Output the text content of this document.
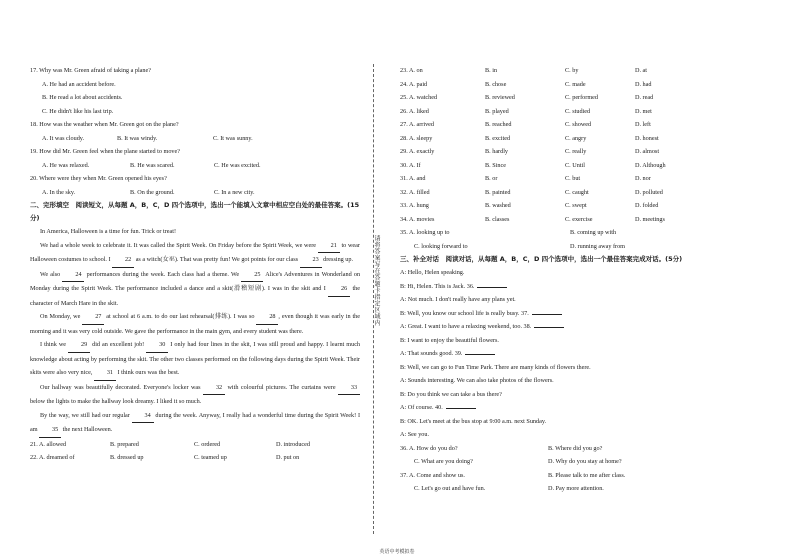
17. Why was Mr. Green afraid of taking a plane?

A. He had an accident before.

B. He read a lot about accidents.

C. He didn't like his last trip.

18. How was the weather when Mr. Green got on the plane?

A. It was cloudy.	B. It was windy.	C. It was sunny.

19. How did Mr. Green feel when the plane started to move?

A. He was relaxed.	B. He was scared.	C. He was excited.

20. Where were they when Mr. Green opened his eyes?

A. In the sky.	B. On the ground.	C. In a new city.

二、完形填空　阅读短文，从每题 A，B，C，D 四个选项中，选出一个能填入文章中相应空白处的最佳答案。(15分)

In America, Halloween is a time for fun. Trick or treat!

We had a whole week to celebrate it. It was called the Spirit Week. On Friday before the Spirit Week, we were 21 to wear Halloween costumes to school. I 22 as a witch(女巫). That was pretty fun! We got points for our class 23 dressing up.

We also 24 performances during the week. Each class had a theme. We 25 Alice's Adventures in Wonderland on Monday during the Spirit Week. The performance included a dance and a skit(滑稽短剧). I was in the skit and I 26 the character of March Hare in the skit.

On Monday, we 27 at school at 6 a.m. to do our last rehearsal(排练). I was so 28 , even though it was early in the morning and it was very cold outside. We gave the performance in the main gym, and every student was there.

I think we 29 did an excellent job! 30 I only had four lines in the skit, I was still proud and happy. I learnt much knowledge about acting by performing the skit. The other two classes performed on the following days during the Spirit Week. Their skits were also very nice, 31 I think ours was the best.

Our hallway was beautifully decorated. Everyone's locker was 32 with colourful pictures. The curtains were 33 below the lights to make the hallway look dreamy. I liked it so much.

By the way, we still had our regular 34 during the week. Anyway, I really had a wonderful time during the Spirit Week! I am 35 the next Halloween.

21. A. allowed	B. prepared	C. ordered	D. introduced
22. A. dreamed of	B. dressed up	C. teamed up	D. put on
请将答案写在答题卡指定区域内
23. A. on	B. in	C. by	D. at
24. A. paid	B. chose	C. made	D. had
25. A. watched	B. reviewed	C. performed	D. read
26. A. liked	B. played	C. studied	D. met
27. A. arrived	B. reached	C. showed	D. left
28. A. sleepy	B. excited	C. angry	D. honest
29. A. exactly	B. hardly	C. really	D. almost
30. A. If	B. Since	C. Until	D. Although
31. A. and	B. or	C. but	D. nor
32. A. filled	B. painted	C. caught	D. polluted
33. A. hung	B. washed	C. swept	D. folded
34. A. movies	B. classes	C. exercise	D. meetings
35. A. looking up to	B. coming up with
C. looking forward to	D. running away from

三、补全对话　阅读对话，从每题 A，B，C，D 四个选项中，选出一个最佳答案完成对话。(5分)

A: Hello, Helen speaking.

B: Hi, Helen. This is Jack. 36.

A: Not much. I don't really have any plans yet.

B: Well, you know our school life is really busy. 37.

A: Great. I want to have a relaxing weekend, too. 38.

B: I want to enjoy the beautiful flowers.

A: That sounds good. 39.

B: Well, we can go to Fun Time Park. There are many kinds of flowers there.

A: Sounds interesting. We can also take photos of the flowers.

B: Do you think we can take a bus there?

A: Of course. 40.

B: OK. Let's meet at the bus stop at 9:00 a.m. next Sunday.

A: See you.

36. A. How do you do?	B. Where did you go?
C. What are you doing?	D. Why do you stay at home?
37. A. Come and show us.	B. Please talk to me after class.
C. Let's go out and have fun.	D. Pay more attention.
英语中考模拟卷
